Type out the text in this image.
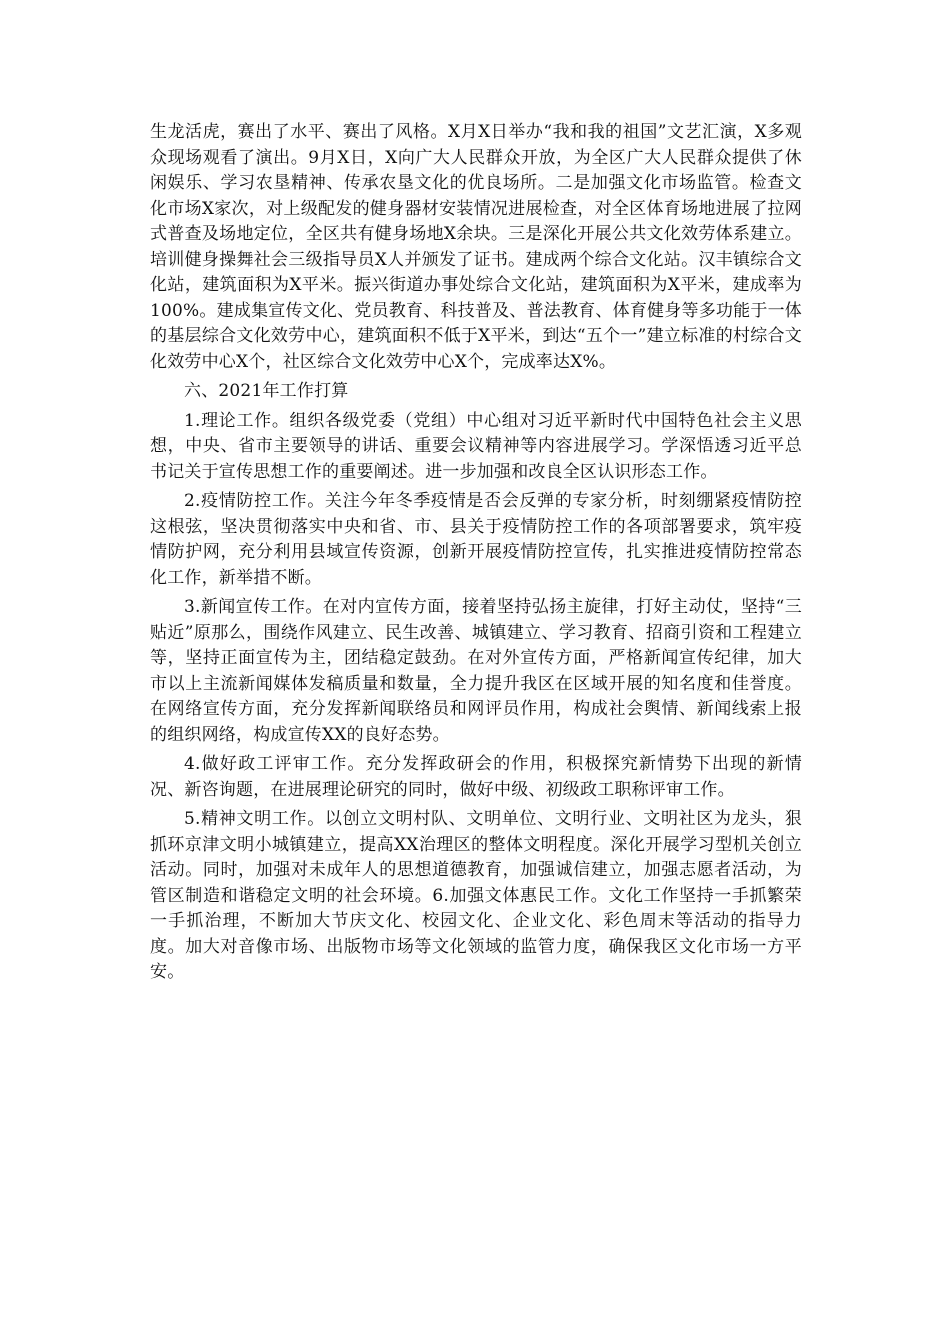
生龙活虎，赛出了水平、赛出了风格。X月X日举办“我和我的祖国”文艺汇演，X多观众现场观看了演出。9月X日，X向广大人民群众开放，为全区广大人民群众提供了休闲娱乐、学习农垦精神、传承农垦文化的优良场所。二是加强文化市场监管。检查文化市场X家次，对上级配发的健身器材安装情况进展检查，对全区体育场地进展了拉网式普查及场地定位，全区共有健身场地X余块。三是深化开展公共文化效劳体系建立。培训健身操舞社会三级指导员X人并颁发了证书。建成两个综合文化站。汉丰镇综合文化站，建筑面积为X平米。振兴街道办事处综合文化站，建筑面积为X平米，建成率为100%。建成集宣传文化、党员教育、科技普及、普法教育、体育健身等多功能于一体的基层综合文化效劳中心，建筑面积不低于X平米，到达“五个一”建立标准的村综合文化效劳中心X个，社区综合文化效劳中心X个，完成率达X%。

六、2021年工作打算

1.理论工作。组织各级党委（党组）中心组对习近平新时代中国特色社会主义思想，中央、省市主要领导的讲话、重要会议精神等内容进展学习。学深悟透习近平总书记关于宣传思想工作的重要阐述。进一步加强和改良全区认识形态工作。

2.疫情防控工作。关注今年冬季疫情是否会反弹的专家分析，时刻绷紧疫情防控这根弦，坚决贯彻落实中央和省、市、县关于疫情防控工作的各项部署要求，筑牢疫情防护网，充分利用县域宣传资源，创新开展疫情防控宣传，扎实推进疫情防控常态化工作，新举措不断。

3.新闻宣传工作。在对内宣传方面，接着坚持弘扬主旋律，打好主动仗，坚持“三贴近”原那么，围绕作风建立、民生改善、城镇建立、学习教育、招商引资和工程建立等，坚持正面宣传为主，团结稳定鼓劲。在对外宣传方面，严格新闻宣传纪律，加大市以上主流新闻媒体发稿质量和数量，全力提升我区在区域开展的知名度和佳誉度。在网络宣传方面，充分发挥新闻联络员和网评员作用，构成社会舆情、新闻线索上报的组织网络，构成宣传XX的良好态势。

4.做好政工评审工作。充分发挥政研会的作用，积极探究新情势下出现的新情况、新咨询题，在进展理论研究的同时，做好中级、初级政工职称评审工作。

5.精神文明工作。以创立文明村队、文明单位、文明行业、文明社区为龙头，狠抓环京津文明小城镇建立，提高XX治理区的整体文明程度。深化开展学习型机关创立活动。同时，加强对未成年人的思想道德教育，加强诚信建立，加强志愿者活动，为管区制造和谐稳定文明的社会环境。6.加强文体惠民工作。文化工作坚持一手抓繁荣一手抓治理，不断加大节庆文化、校园文化、企业文化、彩色周末等活动的指导力度。加大对音像市场、出版物市场等文化领域的监管力度，确保我区文化市场一方平安。
